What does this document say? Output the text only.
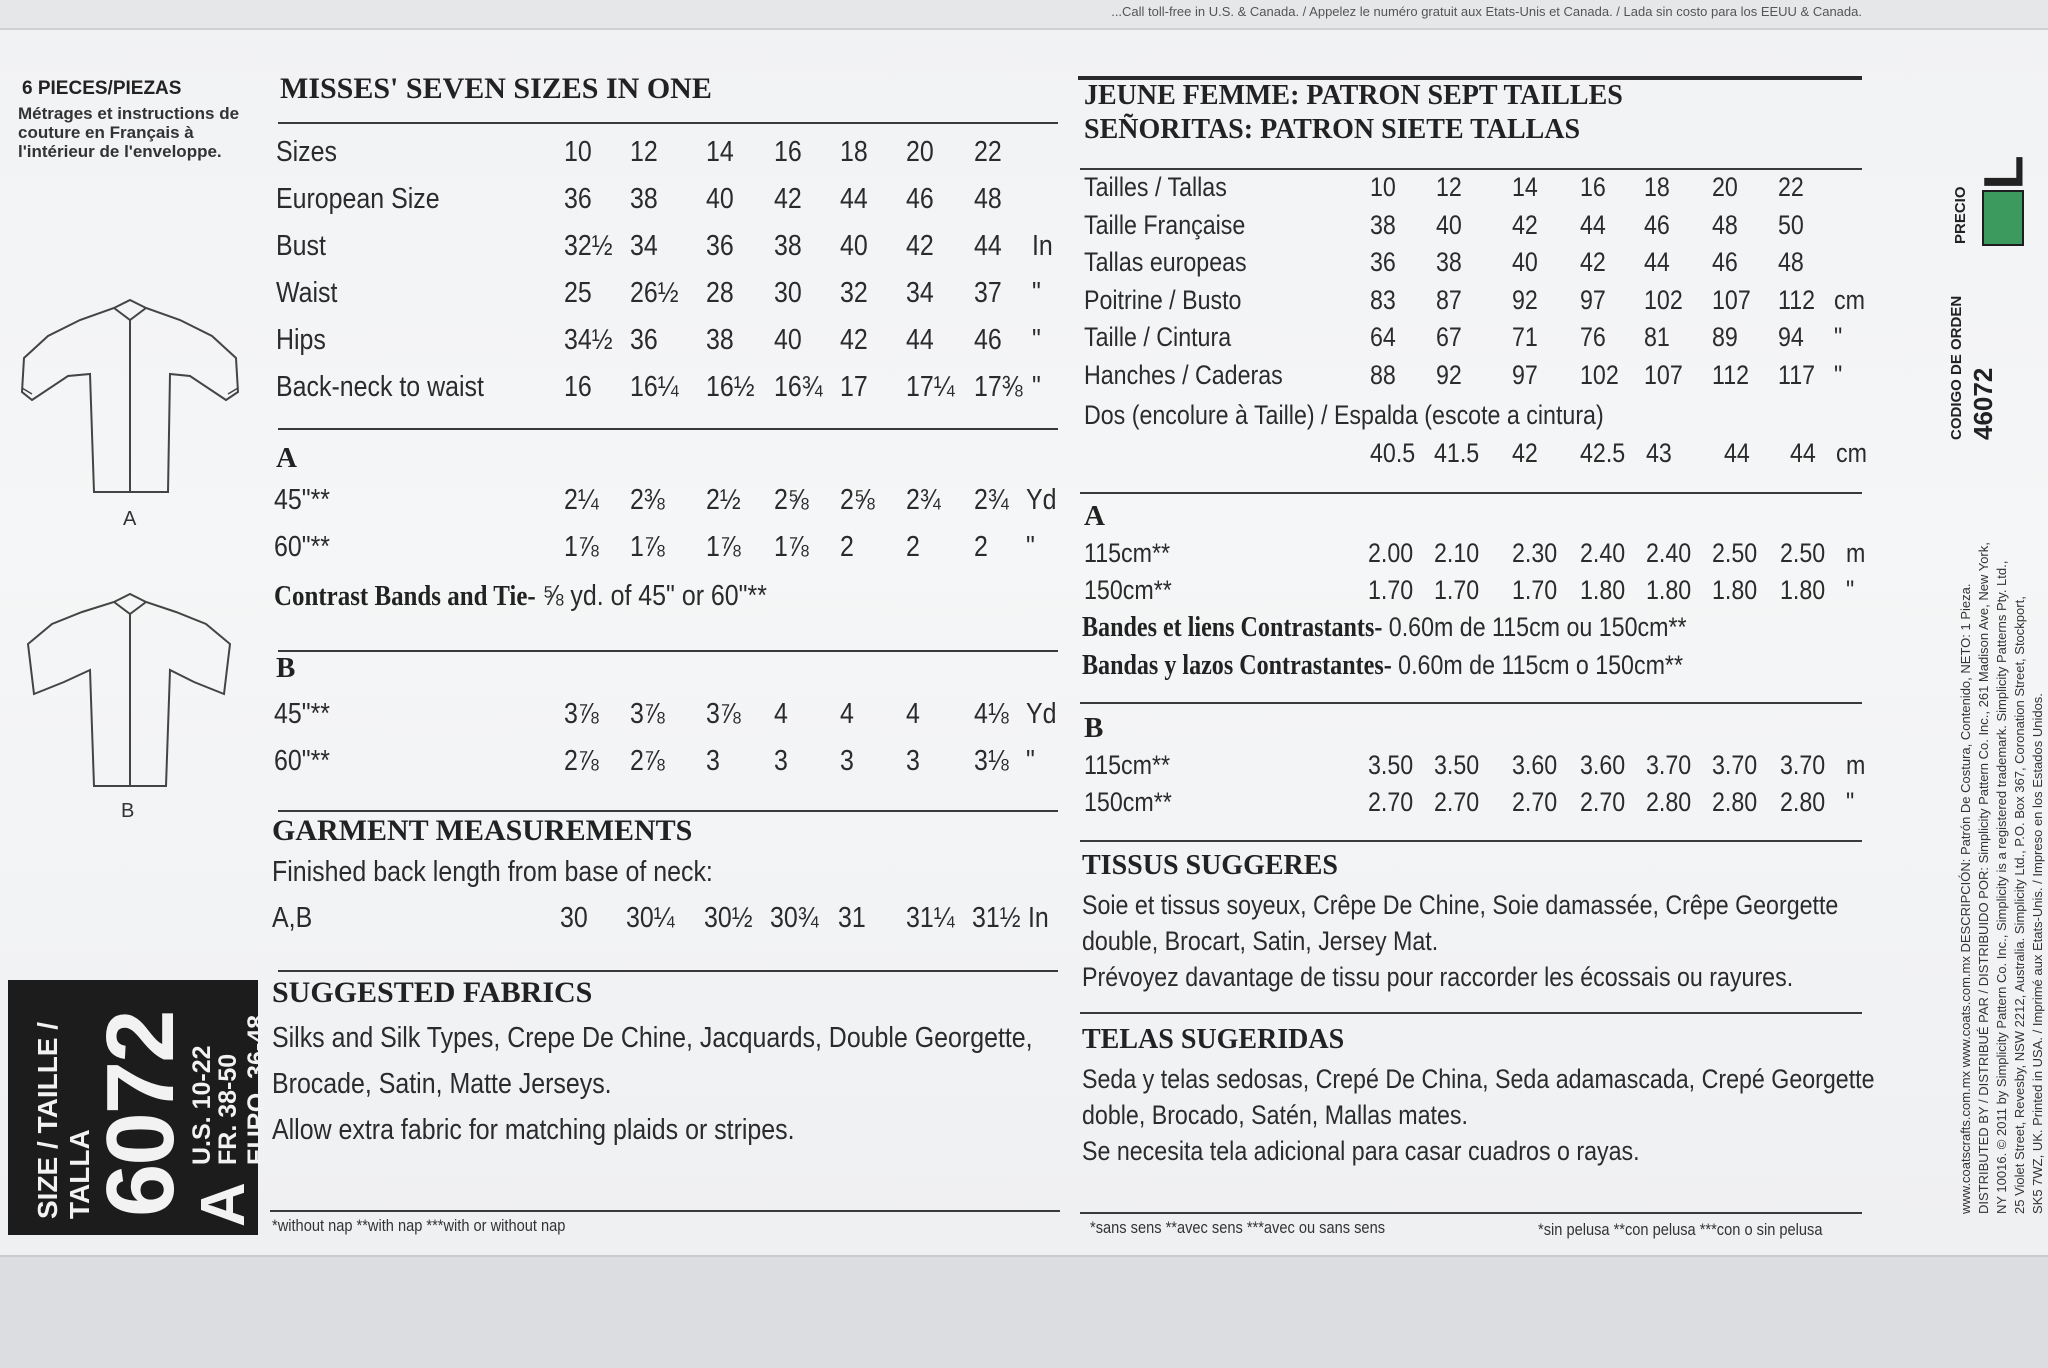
...Call toll-free in U.S. & Canada. / Appelez le numéro gratuit aux Etats-Unis et Canada. / Lada sin costo para los EEUU & Canada.
6 PIECES/PIEZAS
Métrages et instructions de couture en Français à l'intérieur de l'enveloppe.
A
B
SIZE / TAILLE / TALLA
6072
A
U.S. 10-22
FR. 38-50 EURO. 36-48
MISSES' SEVEN SIZES IN ONE
Sizes	10 12 14 16 18 20 22
European Size	36 38 40 42 44 46 48
Bust	32½ 34 36 38 40 42 44 In
Waist	25 26½ 28 30 32 34 37 "
Hips	34½ 36 38 40 42 44 46 "
Back-neck to waist	16 16¼ 16½ 16¾ 17 17¼ 17⅜ "
A
45"**	2¼ 2⅜ 2½ 2⅝ 2⅝ 2¾ 2¾ Yd
60"**	1⅞ 1⅞ 1⅞ 1⅞ 2 2 2 "
Contrast Bands and Tie- ⅝ yd. of 45" or 60"**
B
45"**	3⅞ 3⅞ 3⅞ 4 4 4 4⅛ Yd
60"**	2⅞ 2⅞ 3 3 3 3 3⅛ "
GARMENT MEASUREMENTS
Finished back length from base of neck:
A,B	30 30¼ 30½ 30¾ 31 31¼ 31½ In
SUGGESTED FABRICS
Silks and Silk Types, Crepe De Chine, Jacquards, Double Georgette,
Brocade, Satin, Matte Jerseys.
Allow extra fabric for matching plaids or stripes.
*without nap **with nap ***with or without nap
JEUNE FEMME: PATRON SEPT TAILLES
SEÑORITAS: PATRON SIETE TALLAS
Tailles / Tallas	10 12 14 16 18 20 22
Taille Française	38 40 42 44 46 48 50
Tallas europeas	36 38 40 42 44 46 48
Poitrine / Busto	83 87 92 97 102 107 112 cm
Taille / Cintura	64 67 71 76 81 89 94 "
Hanches / Caderas	88 92 97 102 107 112 117 "
Dos (encolure à Taille) / Espalda (escote a cintura)
40.5 41.5 42 42.5 43 44 44 cm
A
115cm**	2.00 2.10 2.30 2.40 2.40 2.50 2.50 m
150cm**	1.70 1.70 1.70 1.80 1.80 1.80 1.80 "
Bandes et liens Contrastants- 0.60m de 115cm ou 150cm**
Bandas y lazos Contrastantes- 0.60m de 115cm o 150cm**
B
115cm**	3.50 3.50 3.60 3.60 3.70 3.70 3.70 m
150cm**	2.70 2.70 2.70 2.70 2.80 2.80 2.80 "
TISSUS SUGGERES
Soie et tissus soyeux, Crêpe De Chine, Soie damassée, Crêpe Georgette
double, Brocart, Satin, Jersey Mat.
Prévoyez davantage de tissu pour raccorder les écossais ou rayures.
TELAS SUGERIDAS
Seda y telas sedosas, Crepé De China, Seda adamascada, Crepé Georgette
doble, Brocado, Satén, Mallas mates.
Se necesita tela adicional para casar cuadros o rayas.
*sans sens **avec sens ***avec ou sans sens	*sin pelusa **con pelusa ***con o sin pelusa
PRECIO
L
CODIGO DE ORDEN 46072
www.coatscrafts.com.mx www.coats.com.mx DESCRIPCIÓN: Patrón De Costura, Contenido, NETO: 1 Pieza. DISTRIBUTED BY / DISTRIBUÉ PAR / DISTRIBUIDO POR: Simplicity Pattern Co. Inc., 261 Madison Ave, New York, NY 10016. © 2011 by Simplicity Pattern Co. Inc., Simplicity is a registered trademark. Simplicity Patterns Pty. Ltd., 25 Violet Street, Revesby, NSW 2212, Australia. Simplicity Ltd., P.O. Box 367, Coronation Street, Stockport, SK5 7WZ, UK. Printed in USA. / Imprimé aux Etats-Unis. / Impreso en los Estados Unidos.
